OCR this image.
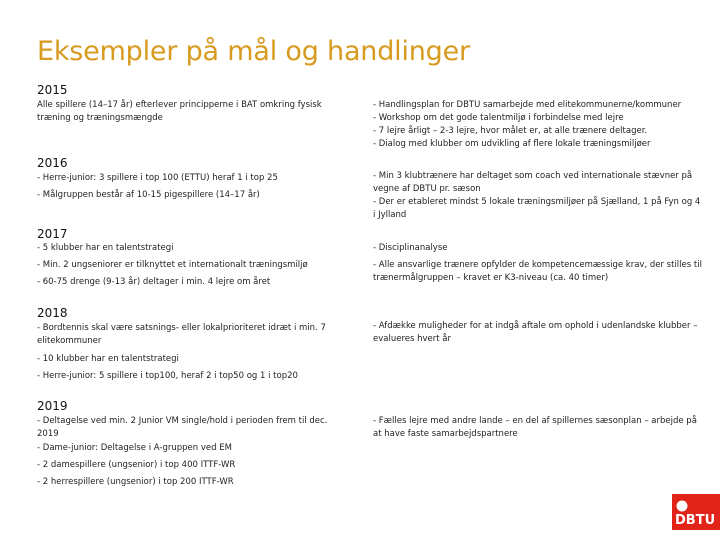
Eksempler på mål og handlinger
2015
Alle spillere (14–17 år) efterlever principperne i BAT omkring fysisk træning og træningsmængde
- Handlingsplan for DBTU samarbejde med elitekommunerne/kommuner
- Workshop om det gode talentmiljø i forbindelse med lejre
- 7 lejre årligt – 2-3 lejre, hvor målet er, at alle trænere deltager.
- Dialog med klubber om udvikling af flere lokale træningsmiljøer
2016
- Herre-junior: 3 spillere i top 100 (ETTU) heraf 1 i top 25
- Målgruppen består af 10-15 pigespillere (14–17 år)
- Min 3 klubtrænere har deltaget som coach ved internationale stævner på vegne af DBTU pr. sæson
- Der er etableret mindst 5 lokale træningsmiljøer på Sjælland, 1 på Fyn og 4 i Jylland
2017
- 5 klubber har en talentstrategi
- Min. 2 ungseniorer er tilknyttet et internationalt træningsmiljø
- 60-75 drenge (9-13 år) deltager i min. 4 lejre om året
- Disciplinanalyse
- Alle ansvarlige trænere opfylder de kompetencemæssige krav, der stilles til trænermålgruppen – kravet er K3-niveau (ca. 40 timer)
2018
- Bordtennis skal være satsnings- eller lokalprioriteret idræt i min. 7 elitekommuner
- 10 klubber har en talentstrategi
- Herre-junior: 5 spillere i top100, heraf 2 i top50 og 1 i top20
- Afdække muligheder for at indgå aftale om ophold i udenlandske klubber – evalueres hvert år
2019
- Deltagelse ved min. 2 Junior VM single/hold i perioden frem til dec. 2019
- Dame-junior: Deltagelse i A-gruppen ved EM
- 2 damespillere (ungsenior) i top 400 ITTF-WR
- 2 herrespillere (ungsenior) i top 200 ITTF-WR
- Fælles lejre med andre lande – en del af spillernes sæsonplan – arbejde på at have faste samarbejdspartnere
DBTU
